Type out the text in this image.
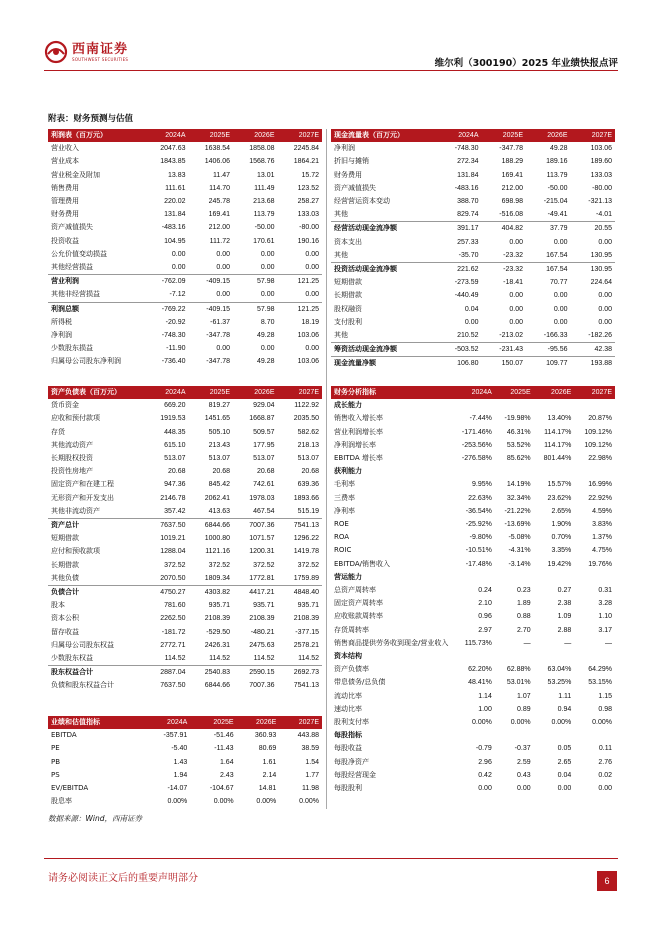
西南证券
SOUTHWEST SECURITIES	维尔利（300190）2025 年业绩快报点评
附表：财务预测与估值
利润表（百万元）	2024A	2025E	2026E	2027E
营业收入	2047.63	1638.54	1858.08	2245.84
营业成本	1843.85	1406.06	1568.76	1864.21
营业税金及附加	13.83	11.47	13.01	15.72
销售费用	111.61	114.70	111.49	123.52
管理费用	220.02	245.78	213.68	258.27
财务费用	131.84	169.41	113.79	133.03
资产减值损失	-483.16	212.00	-50.00	-80.00
投资收益	104.95	111.72	170.61	190.16
公允价值变动损益	0.00	0.00	0.00	0.00
其他经营损益	0.00	0.00	0.00	0.00
营业利润	-762.09	-409.15	57.98	121.25
其他非经营损益	-7.12	0.00	0.00	0.00
利润总额	-769.22	-409.15	57.98	121.25
所得税	-20.92	-61.37	8.70	18.19
净利润	-748.30	-347.78	49.28	103.06
少数股东损益	-11.90	0.00	0.00	0.00
归属母公司股东净利润	-736.40	-347.78	49.28	103.06
现金流量表（百万元）	2024A	2025E	2026E	2027E
净利润	-748.30	-347.78	49.28	103.06
折旧与摊销	272.34	188.29	189.16	189.60
财务费用	131.84	169.41	113.79	133.03
资产减值损失	-483.16	212.00	-50.00	-80.00
经营营运资本变动	388.70	698.98	-215.04	-321.13
其他	829.74	-516.08	-49.41	-4.01
经营活动现金流净额	391.17	404.82	37.79	20.55
资本支出	257.33	0.00	0.00	0.00
其他	-35.70	-23.32	167.54	130.95
投资活动现金流净额	221.62	-23.32	167.54	130.95
短期借款	-273.59	-18.41	70.77	224.64
长期借款	-440.49	0.00	0.00	0.00
股权融资	0.04	0.00	0.00	0.00
支付股利	0.00	0.00	0.00	0.00
其他	210.52	-213.02	-166.33	-182.26
筹资活动现金流净额	-503.52	-231.43	-95.56	42.38
现金流量净额	106.80	150.07	109.77	193.88
资产负债表（百万元）	2024A	2025E	2026E	2027E
货币资金	669.20	819.27	929.04	1122.92
应收和预付款项	1919.53	1451.65	1668.87	2035.50
存货	448.35	505.10	509.57	582.62
其他流动资产	615.10	213.43	177.95	218.13
长期股权投资	513.07	513.07	513.07	513.07
投资性房地产	20.68	20.68	20.68	20.68
固定资产和在建工程	947.36	845.42	742.61	639.36
无形资产和开发支出	2146.78	2062.41	1978.03	1893.66
其他非流动资产	357.42	413.63	467.54	515.19
资产总计	7637.50	6844.66	7007.36	7541.13
短期借款	1019.21	1000.80	1071.57	1296.22
应付和预收款项	1288.04	1121.16	1200.31	1419.78
长期借款	372.52	372.52	372.52	372.52
其他负债	2070.50	1809.34	1772.81	1759.89
负债合计	4750.27	4303.82	4417.21	4848.40
股本	781.60	935.71	935.71	935.71
资本公积	2262.50	2108.39	2108.39	2108.39
留存收益	-181.72	-529.50	-480.21	-377.15
归属母公司股东权益	2772.71	2426.31	2475.63	2578.21
少数股东权益	114.52	114.52	114.52	114.52
股东权益合计	2887.04	2540.83	2590.15	2692.73
负债和股东权益合计	7637.50	6844.66	7007.36	7541.13
财务分析指标	2024A	2025E	2026E	2027E
成长能力				
销售收入增长率	-7.44%	-19.98%	13.40%	20.87%
营业利润增长率	-171.46%	46.31%	114.17%	109.12%
净利润增长率	-253.56%	53.52%	114.17%	109.12%
EBITDA 增长率	-276.58%	85.62%	801.44%	22.98%
获利能力				
毛利率	9.95%	14.19%	15.57%	16.99%
三费率	22.63%	32.34%	23.62%	22.92%
净利率	-36.54%	-21.22%	2.65%	4.59%
ROE	-25.92%	-13.69%	1.90%	3.83%
ROA	-9.80%	-5.08%	0.70%	1.37%
ROIC	-10.51%	-4.31%	3.35%	4.75%
EBITDA/销售收入	-17.48%	-3.14%	19.42%	19.76%
营运能力				
总资产周转率	0.24	0.23	0.27	0.31
固定资产周转率	2.10	1.89	2.38	3.28
应收账款周转率	0.96	0.88	1.09	1.10
存货周转率	2.97	2.70	2.88	3.17
销售商品提供劳务收到现金/营业收入	115.73%	—	—	—
资本结构				
资产负债率	62.20%	62.88%	63.04%	64.29%
带息债务/总负债	48.41%	53.01%	53.25%	53.15%
流动比率	1.14	1.07	1.11	1.15
速动比率	1.00	0.89	0.94	0.98
股利支付率	0.00%	0.00%	0.00%	0.00%
每股指标				
每股收益	-0.79	-0.37	0.05	0.11
每股净资产	2.96	2.59	2.65	2.76
每股经营现金	0.42	0.43	0.04	0.02
每股股利	0.00	0.00	0.00	0.00
业绩和估值指标	2024A	2025E	2026E	2027E
EBITDA	-357.91	-51.46	360.93	443.88
PE	-5.40	-11.43	80.69	38.59
PB	1.43	1.64	1.61	1.54
PS	1.94	2.43	2.14	1.77
EV/EBITDA	-14.07	-104.67	14.81	11.98
股息率	0.00%	0.00%	0.00%	0.00%
数据来源：Wind，西南证券
请务必阅读正文后的重要声明部分	6
